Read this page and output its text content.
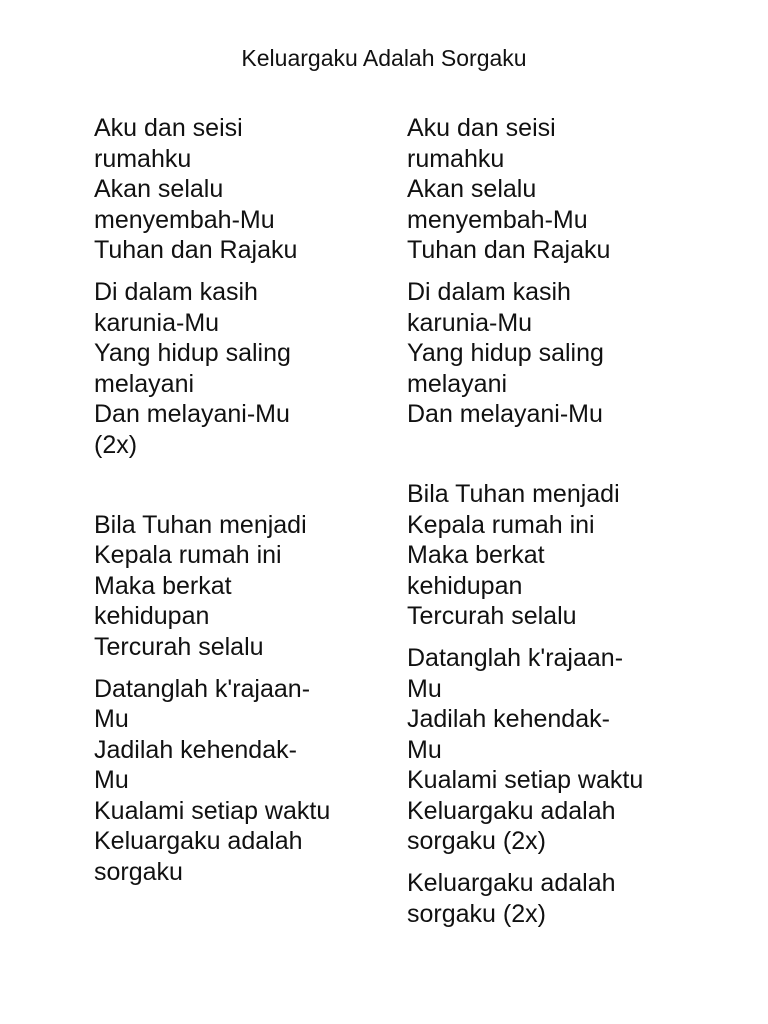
Keluargaku Adalah Sorgaku
Aku dan seisi
rumahku
Akan selalu
menyembah-Mu
Tuhan dan Rajaku
Di dalam kasih
karunia-Mu
Yang hidup saling
melayani
Dan melayani-Mu
(2x)
Bila Tuhan menjadi
Kepala rumah ini
Maka berkat
kehidupan
Tercurah selalu
Datanglah k'rajaan-
Mu
Jadilah kehendak-
Mu
Kualami setiap waktu
Keluargaku adalah
sorgaku
Aku dan seisi
rumahku
Akan selalu
menyembah-Mu
Tuhan dan Rajaku
Di dalam kasih
karunia-Mu
Yang hidup saling
melayani
Dan melayani-Mu
Bila Tuhan menjadi
Kepala rumah ini
Maka berkat
kehidupan
Tercurah selalu
Datanglah k'rajaan-
Mu
Jadilah kehendak-
Mu
Kualami setiap waktu
Keluargaku adalah
sorgaku (2x)
Keluargaku adalah
sorgaku (2x)
